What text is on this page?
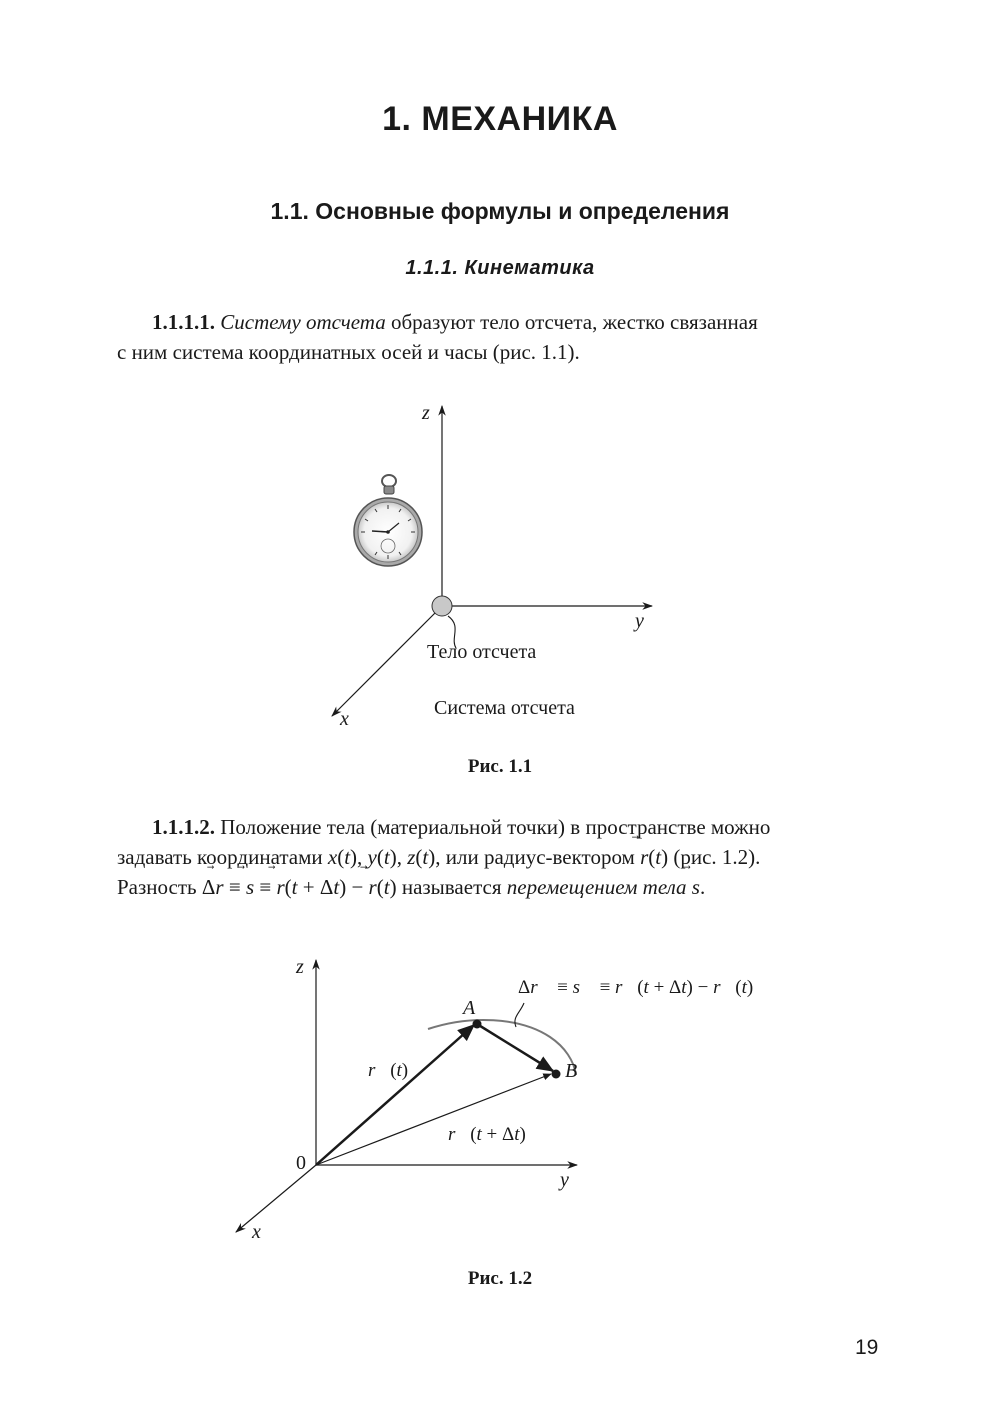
1. МЕХАНИКА
1.1. Основные формулы и определения
1.1.1. Кинематика
1.1.1.1. Систему отсчета образуют тело отсчета, жестко связанная
с ним система координатных осей и часы (рис. 1.1).
z
y
x
Тело отсчета
Система отсчета
Рис. 1.1
1.1.1.2. Положение тела (материальной точки) в пространстве можно
задавать координатами x(t), y(t), z(t), или радиус-вектором r
(t) (рис. 1.2).
Разность Δr
≡ s
≡ r
(t + Δt) − r
(t) называется перемещением тела s
.
z
y
x
0
A
B
Δr⃗ ≡ s⃗ ≡ r⃗(t + Δt) − r⃗(t)
r⃗(t)
r⃗(t + Δt)
Рис. 1.2
19
